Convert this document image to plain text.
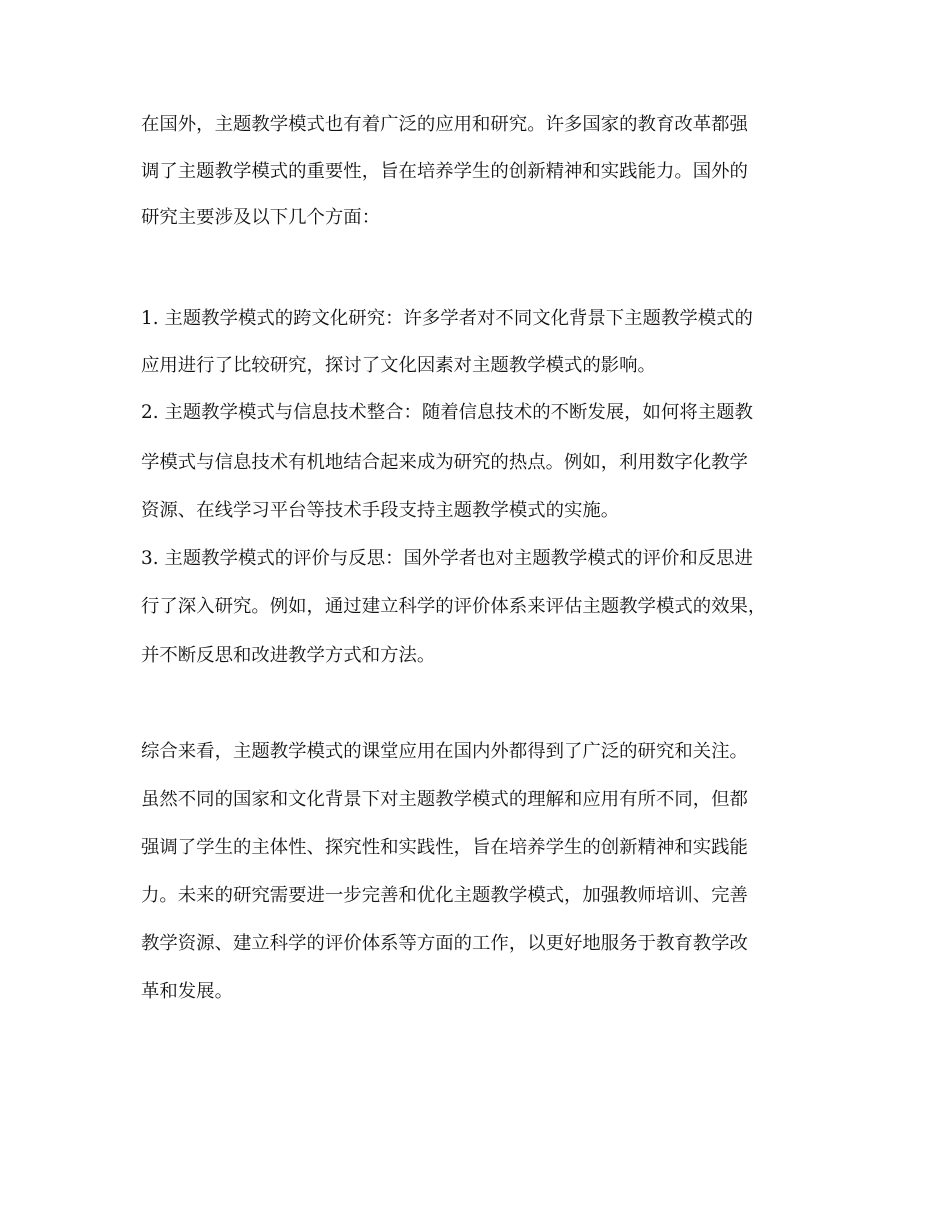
在国外，主题教学模式也有着广泛的应用和研究。许多国家的教育改革都强
调了主题教学模式的重要性，旨在培养学生的创新精神和实践能力。国外的
研究主要涉及以下几个方面：
1. 主题教学模式的跨文化研究：许多学者对不同文化背景下主题教学模式的
应用进行了比较研究，探讨了文化因素对主题教学模式的影响。
2. 主题教学模式与信息技术整合：随着信息技术的不断发展，如何将主题教
学模式与信息技术有机地结合起来成为研究的热点。例如，利用数字化教学
资源、在线学习平台等技术手段支持主题教学模式的实施。
3. 主题教学模式的评价与反思：国外学者也对主题教学模式的评价和反思进
行了深入研究。例如，通过建立科学的评价体系来评估主题教学模式的效果，
并不断反思和改进教学方式和方法。
综合来看，主题教学模式的课堂应用在国内外都得到了广泛的研究和关注。
虽然不同的国家和文化背景下对主题教学模式的理解和应用有所不同，但都
强调了学生的主体性、探究性和实践性，旨在培养学生的创新精神和实践能
力。未来的研究需要进一步完善和优化主题教学模式，加强教师培训、完善
教学资源、建立科学的评价体系等方面的工作，以更好地服务于教育教学改
革和发展。
